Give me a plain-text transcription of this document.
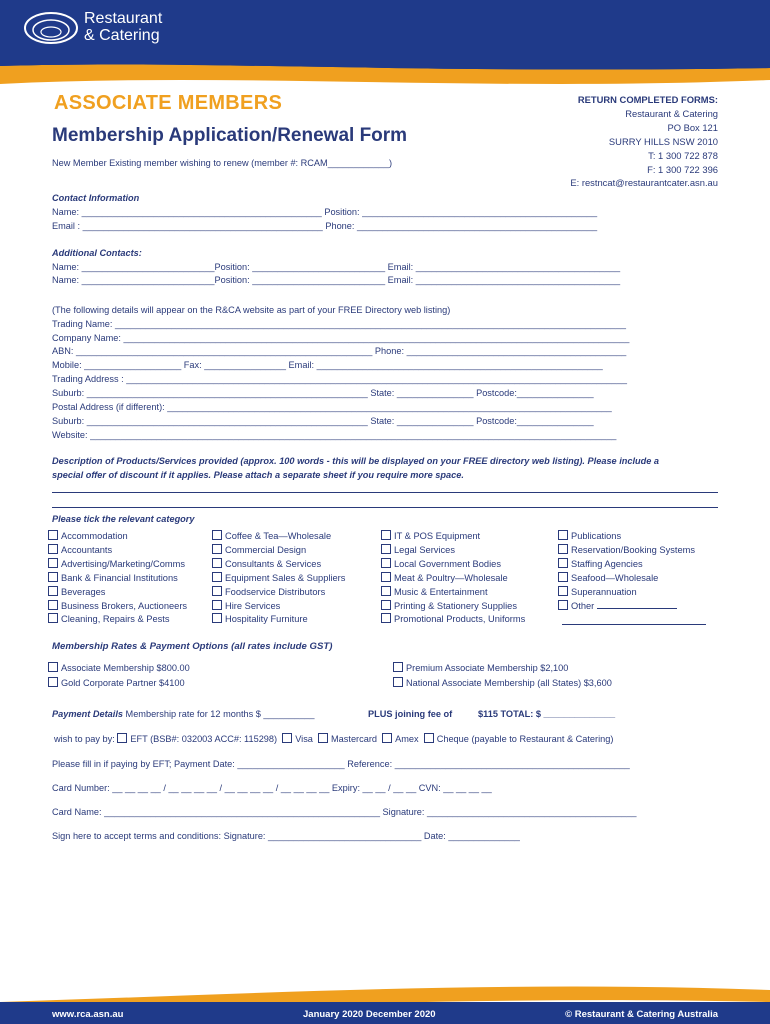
Restaurant
& Catering
ASSOCIATE MEMBERS
Membership Application/Renewal Form
New Member Existing member wishing to renew (member #: RCAM____________)
RETURN COMPLETED FORMS:
Restaurant & Catering
PO Box 121
SURRY HILLS NSW 2010
T: 1 300 722 878
F: 1 300 722 396
E: restncat@restaurantcater.asn.au
Contact Information
Name: _______________________________________________ Position: ______________________________________________
Email : _______________________________________________ Phone: _______________________________________________
Additional Contacts:
Name: __________________________Position: __________________________ Email: ________________________________________
Name: __________________________Position: __________________________ Email: ________________________________________
(The following details will appear on the R&CA website as part of your FREE Directory web listing)
Trading Name: ____________________________________________________________________________________________________
Company Name: ___________________________________________________________________________________________________
ABN: __________________________________________________________ Phone: ___________________________________________
Mobile: ___________________ Fax: ________________ Email: ________________________________________________________
Trading Address : __________________________________________________________________________________________________
Suburb: _______________________________________________________ State: _______________ Postcode:_______________
Postal Address (if different): _______________________________________________________________________________________
Suburb: _______________________________________________________ State: _______________ Postcode:_______________
Website: _______________________________________________________________________________________________________
Description of Products/Services provided (approx. 100 words - this will be displayed on your FREE directory web listing). Please include a
special offer of discount if it applies. Please attach a separate sheet if you require more space.
Please tick the relevant category
Accommodation
Accountants
Advertising/Marketing/Comms
Bank & Financial Institutions
Beverages
Business Brokers, Auctioneers
Cleaning, Repairs & Pests
Coffee & Tea—Wholesale
Commercial Design
Consultants & Services
Equipment Sales & Suppliers
Foodservice Distributors
Hire Services
Hospitality Furniture
IT & POS Equipment
Legal Services
Local Government Bodies
Meat & Poultry—Wholesale
Music & Entertainment
Printing & Stationery Supplies
Promotional Products, Uniforms
Publications
Reservation/Booking Systems
Staffing Agencies
Seafood—Wholesale
Superannuation
Other
Membership Rates & Payment Options (all rates include GST)
Associate Membership $800.00
Gold Corporate Partner $4100
Premium Associate Membership $2,100
National Associate Membership (all States) $3,600
Payment Details Membership rate for 12 months $ __________	PLUS joining fee of	$115 TOTAL: $ ______________
wish to pay by: EFT (BSB#: 032003 ACC#: 115298) Visa Mastercard Amex Cheque (payable to Restaurant & Catering)
Please fill in if paying by EFT; Payment Date: _____________________ Reference: ______________________________________________
Card Number: __ __ __ __ / __ __ __ __ / __ __ __ __ / __ __ __ __ Expiry: __ __ / __ __ CVN: __ __ __ __
Card Name: ______________________________________________________ Signature: _________________________________________
Sign here to accept terms and conditions: Signature: ______________________________ Date: ______________
www.rca.asn.au	January 2020 December 2020	© Restaurant & Catering Australia
